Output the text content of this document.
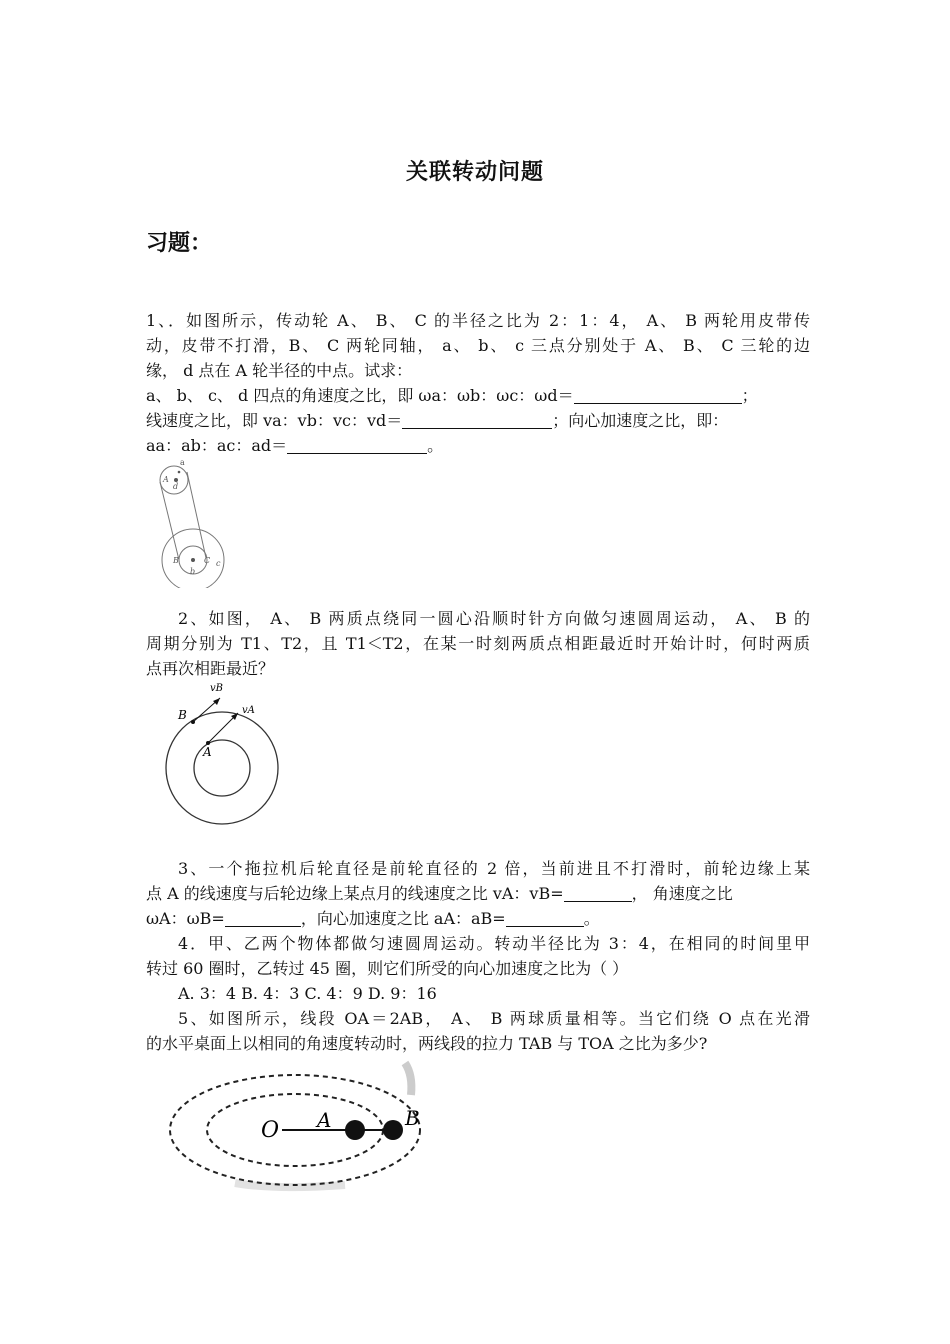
关联转动问题
习题：
1、．如图所示，传动轮 A、 B、 C 的半径之比为 2：1：4， A、 B 两轮用皮带传
动，皮带不打滑，B、 C 两轮同轴， a、 b、 c 三点分别处于 A、 B、 C 三轮的边
缘， d 点在 A 轮半径的中点。试求：
a、 b、 c、 d 四点的角速度之比，即 ωa：ωb：ωc：ωd＝	；
线速度之比，即 va：vb：vc：vd＝	；向心加速度之比，即：
aa：ab：ac：ad＝	。
a
A
d
B	C c
b
2、如图， A、 B 两质点绕同一圆心沿顺时针方向做匀速圆周运动， A、 B 的
周期分别为 T1、T2，且 T1＜T2，在某一时刻两质点相距最近时开始计时，何时两质
点再次相距最近？
vB
B	vA
A
3、一个拖拉机后轮直径是前轮直径的 2 倍，当前进且不打滑时，前轮边缘上某
点 A 的线速度与后轮边缘上某点月的线速度之比 vA：vB=	， 角速度之比
ωA：ωB=	，向心加速度之比 aA：aB=	。
4．甲、乙两个物体都做匀速圆周运动。转动半径比为 3：4，在相同的时间里甲
转过 60 圈时，乙转过 45 圈，则它们所受的向心加速度之比为（ ）
A. 3：4 B. 4：3 C. 4：9 D. 9：16
5、如图所示，线段 OA＝2AB， A、 B 两球质量相等。当它们绕 O 点在光滑
的水平桌面上以相同的角速度转动时，两线段的拉力 TAB 与 TOA 之比为多少?
O A	B
